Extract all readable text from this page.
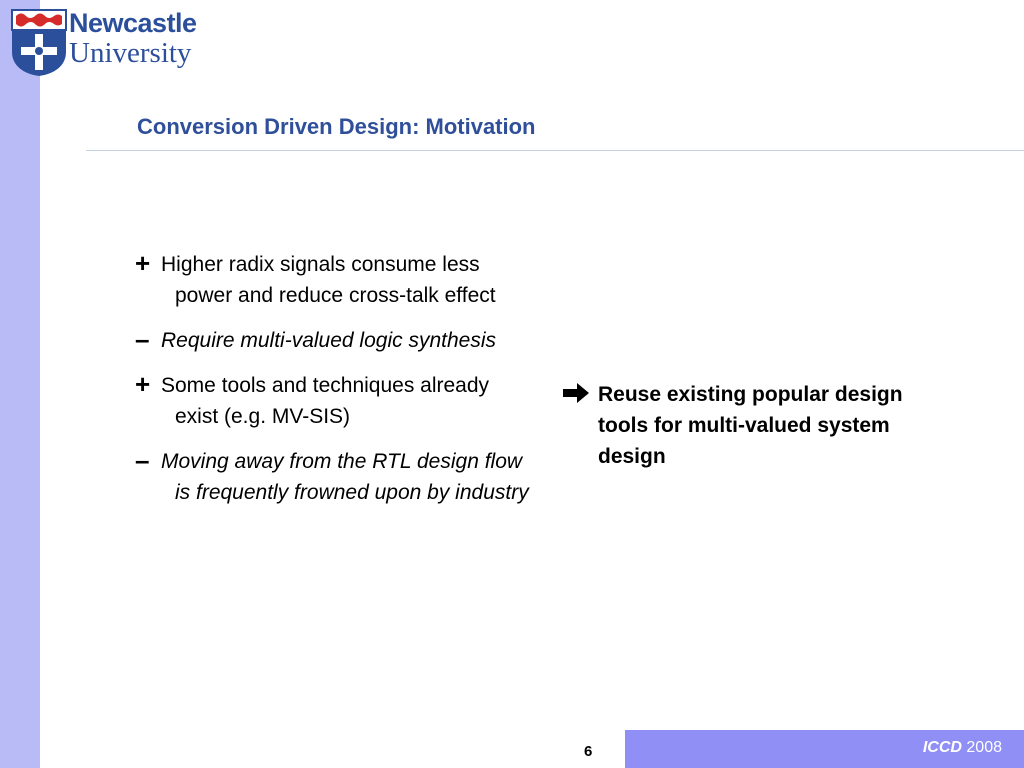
Newcastle
University
Conversion Driven Design: Motivation
+ Higher radix signals consume less power and reduce cross-talk effect
– Require multi-valued logic synthesis
+ Some tools and techniques already exist (e.g. MV-SIS)
– Moving away from the RTL design flow is frequently frowned upon by industry
Reuse existing popular design tools for multi-valued system design
6	ICCD 2008
